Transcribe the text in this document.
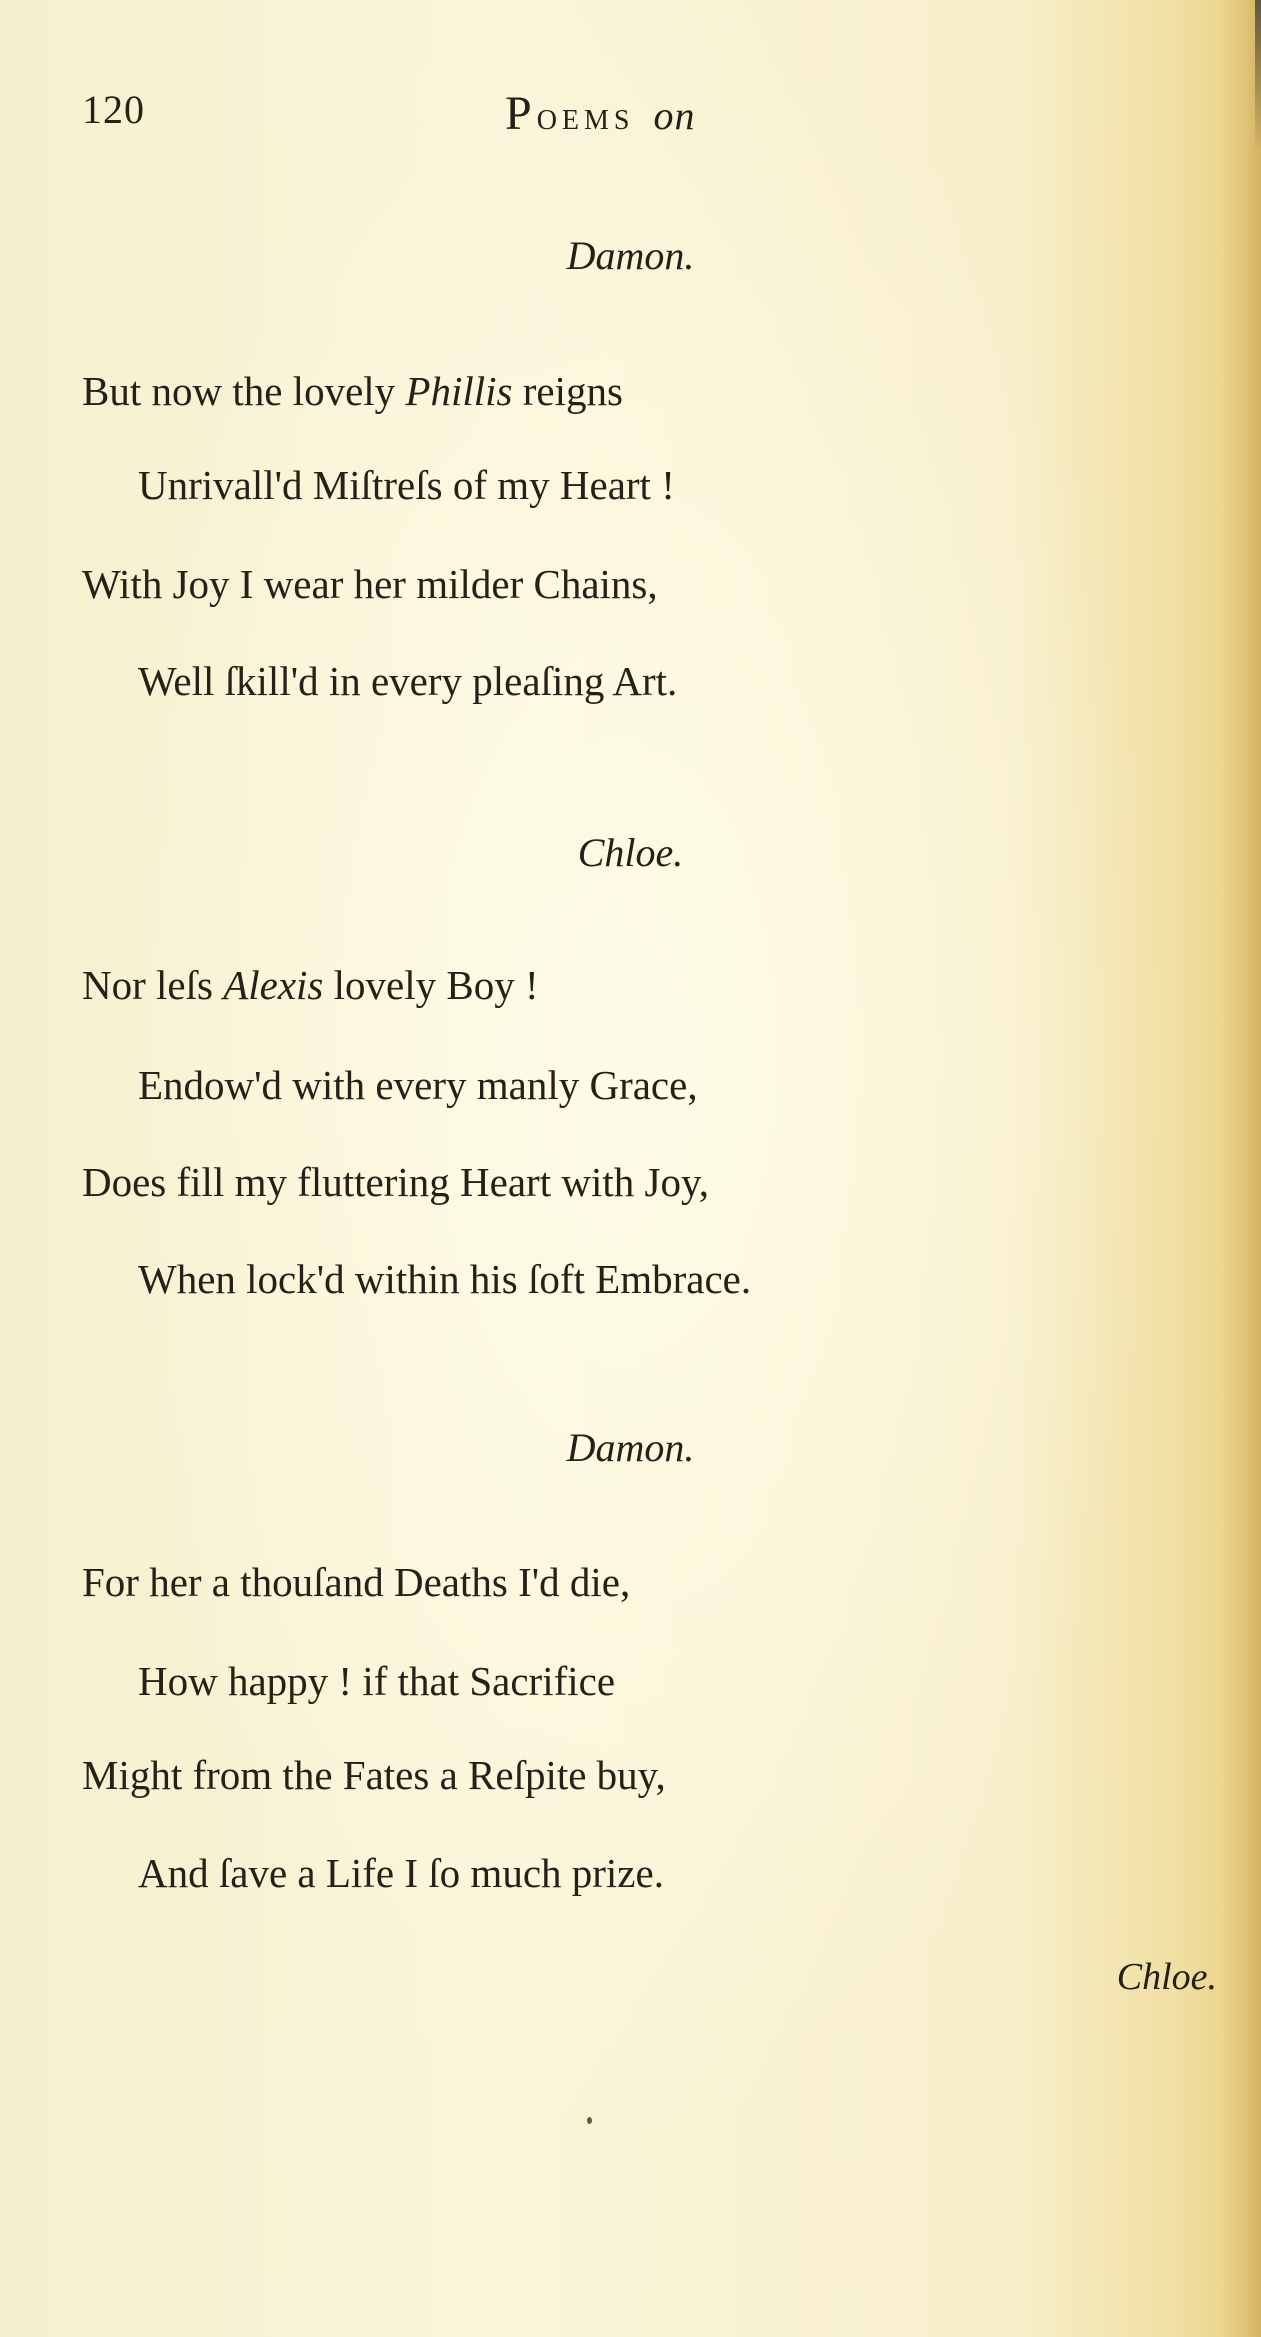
120	Poems on
Damon.
But now the lovely Phillis reigns
Unrivall'd Miſtreſs of my Heart !
With Joy I wear her milder Chains,
Well ſkill'd in every pleaſing Art.
Chloe.
Nor leſs Alexis lovely Boy !
Endow'd with every manly Grace,
Does fill my fluttering Heart with Joy,
When lock'd within his ſoft Embrace.
Damon.
For her a thouſand Deaths I'd die,
How happy ! if that Sacrifice
Might from the Fates a Reſpite buy,
And ſave a Life I ſo much prize.
Chloe.
